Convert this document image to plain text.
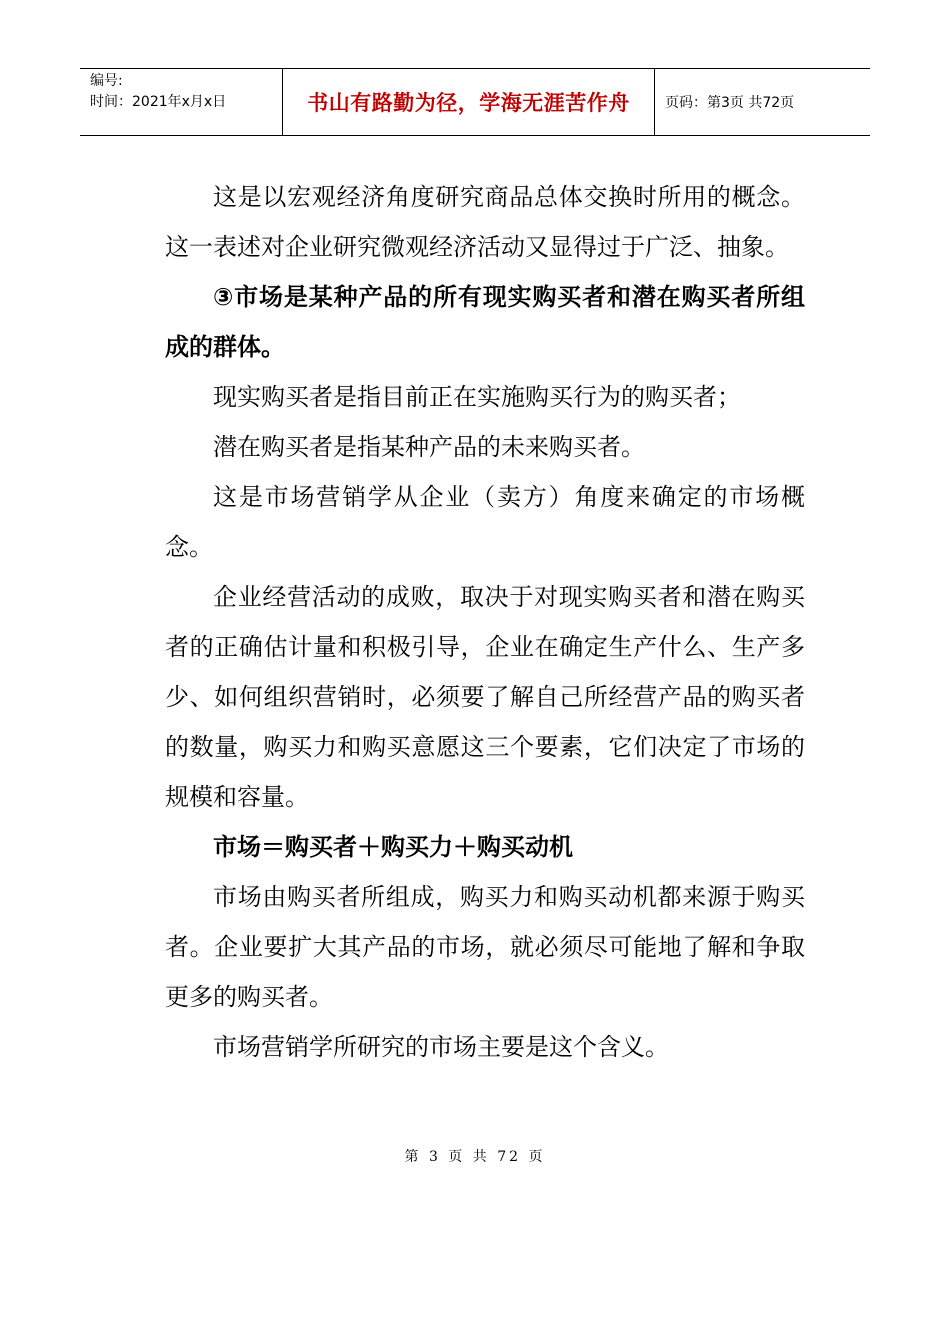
编号:
时间：2021年x月x日	书山有路勤为径，学海无涯苦作舟	页码：第3页 共72页

这是以宏观经济角度研究商品总体交换时所用的概念。这一表述对企业研究微观经济活动又显得过于广泛、抽象。

③市场是某种产品的所有现实购买者和潜在购买者所组成的群体。

现实购买者是指目前正在实施购买行为的购买者；

潜在购买者是指某种产品的未来购买者。

这是市场营销学从企业（卖方）角度来确定的市场概念。

企业经营活动的成败，取决于对现实购买者和潜在购买者的正确估计量和积极引导，企业在确定生产什么、生产多少、如何组织营销时，必须要了解自己所经营产品的购买者的数量，购买力和购买意愿这三个要素，它们决定了市场的规模和容量。

市场＝购买者＋购买力＋购买动机

市场由购买者所组成，购买力和购买动机都来源于购买者。企业要扩大其产品的市场，就必须尽可能地了解和争取更多的购买者。

市场营销学所研究的市场主要是这个含义。

第 3 页 共 72 页
